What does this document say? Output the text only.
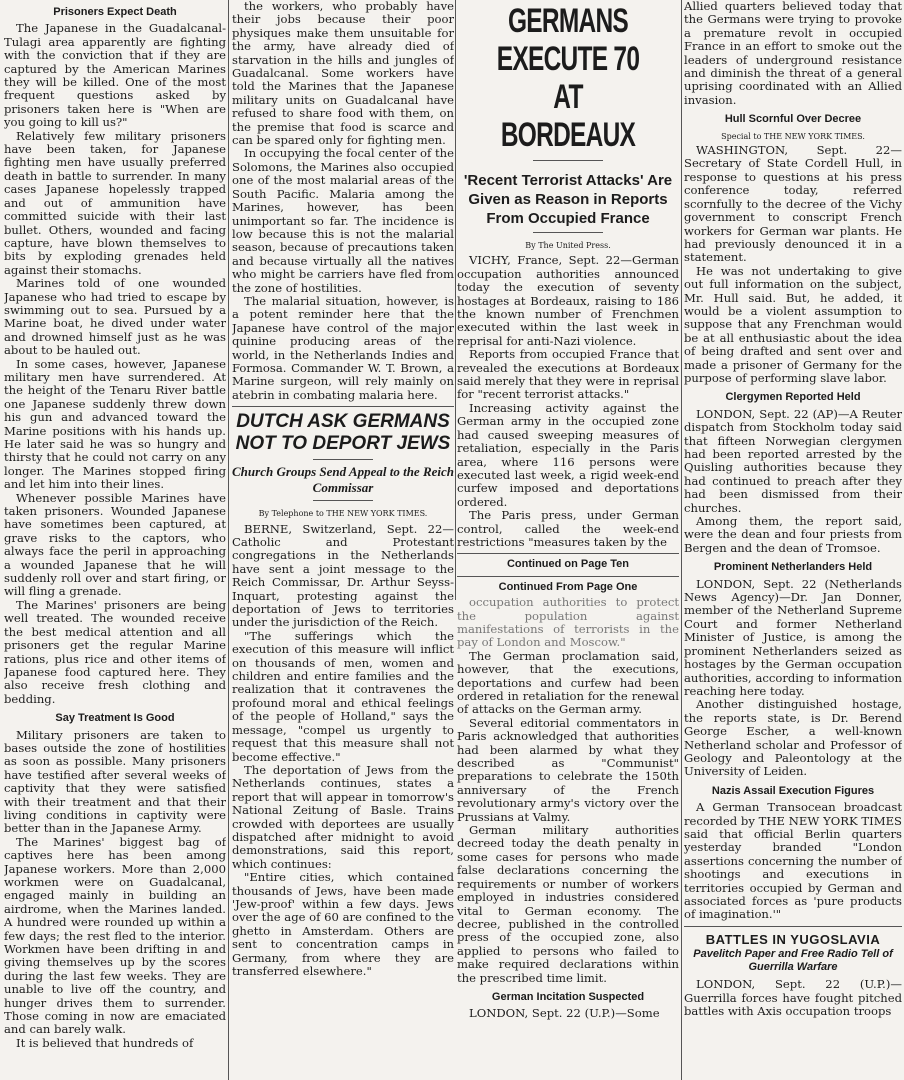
Prisoners Expect Death

The Japanese in the Guadalcanal-Tulagi area apparently are fighting with the conviction that if they are captured by the American Marines they will be killed. One of the most frequent questions asked by prisoners taken here is "When are you going to kill us?"

Relatively few military prisoners have been taken, for Japanese fighting men have usually preferred death in battle to surrender. In many cases Japanese hopelessly trapped and out of ammunition have committed suicide with their last bullet. Others, wounded and facing capture, have blown themselves to bits by exploding grenades held against their stomachs.

Marines told of one wounded Japanese who had tried to escape by swimming out to sea. Pursued by a Marine boat, he dived under water and drowned himself just as he was about to be hauled out.

In some cases, however, Japanese military men have surrendered. At the height of the Tenaru River battle one Japanese suddenly threw down his gun and advanced toward the Marine positions with his hands up. He later said he was so hungry and thirsty that he could not carry on any longer. The Marines stopped firing and let him into their lines.

Whenever possible Marines have taken prisoners. Wounded Japanese have sometimes been captured, at grave risks to the captors, who always face the peril in approaching a wounded Japanese that he will suddenly roll over and start firing, or will fling a grenade.

The Marines' prisoners are being well treated. The wounded receive the best medical attention and all prisoners get the regular Marine rations, plus rice and other items of Japanese food captured here. They also receive fresh clothing and bedding.

Say Treatment Is Good

Military prisoners are taken to bases outside the zone of hostilities as soon as possible. Many prisoners have testified after several weeks of captivity that they were satisfied with their treatment and that their living conditions in captivity were better than in the Japanese Army.

The Marines' biggest bag of captives here has been among Japanese workers. More than 2,000 workmen were on Guadalcanal, engaged mainly in building an airdrome, when the Marines landed. A hundred were rounded up within a few days; the rest fled to the interior. Workmen have been drifting in and giving themselves up by the scores during the last few weeks. They are unable to live off the country, and hunger drives them to surrender. Those coming in now are emaciated and can barely walk.

It is believed that hundreds of

the workers, who probably have their jobs because their poor physiques make them unsuitable for the army, have already died of starvation in the hills and jungles of Guadalcanal. Some workers have told the Marines that the Japanese military units on Guadalcanal have refused to share food with them, on the premise that food is scarce and can be spared only for fighting men.

In occupying the focal center of the Solomons, the Marines also occupied one of the most malarial areas of the South Pacific. Malaria among the Marines, however, has been unimportant so far. The incidence is low because this is not the malarial season, because of precautions taken and because virtually all the natives who might be carriers have fled from the zone of hostilities.

The malarial situation, however, is a potent reminder here that the Japanese have control of the major quinine producing areas of the world, in the Netherlands Indies and Formosa. Commander W. T. Brown, a Marine surgeon, will rely mainly on atebrin in combating malaria here.

DUTCH ASK GERMANS NOT TO DEPORT JEWS
Church Groups Send Appeal to the Reich Commissar
By Telephone to THE NEW YORK TIMES.

BERNE, Switzerland, Sept. 22—Catholic and Protestant congregations in the Netherlands have sent a joint message to the Reich Commissar, Dr. Arthur Seyss-Inquart, protesting against the deportation of Jews to territories under the jurisdiction of the Reich.

"The sufferings which the execution of this measure will inflict on thousands of men, women and children and entire families and the realization that it contravenes the profound moral and ethical feelings of the people of Holland," says the message, "compel us urgently to request that this measure shall not become effective."

The deportation of Jews from the Netherlands continues, states a report that will appear in tomorrow's National Zeitung of Basle. Trains crowded with deportees are usually dispatched after midnight to avoid demonstrations, said this report, which continues:

"Entire cities, which contained thousands of Jews, have been made 'Jew-proof' within a few days. Jews over the age of 60 are confined to the ghetto in Amsterdam. Others are sent to concentration camps in Germany, from where they are transferred elsewhere."

GERMANS EXECUTE 70 AT BORDEAUX
'Recent Terrorist Attacks' Are Given as Reason in Reports From Occupied France
By The United Press.

VICHY, France, Sept. 22—German occupation authorities announced today the execution of seventy hostages at Bordeaux, raising to 186 the known number of Frenchmen executed within the last week in reprisal for anti-Nazi violence.

Reports from occupied France that revealed the executions at Bordeaux said merely that they were in reprisal for "recent terrorist attacks."

Increasing activity against the German army in the occupied zone had caused sweeping measures of retaliation, especially in the Paris area, where 116 persons were executed last week, a rigid week-end curfew imposed and deportations ordered.

The Paris press, under German control, called the week-end restrictions "measures taken by the

Continued on Page Ten
Continued From Page One

occupation authorities to protect the population against manifestations of terrorists in the pay of London and Moscow."

The German proclamation said, however, that the executions, deportations and curfew had been ordered in retaliation for the renewal of attacks on the German army.

Several editorial commentators in Paris acknowledged that authorities had been alarmed by what they described as "Communist" preparations to celebrate the 150th anniversary of the French revolutionary army's victory over the Prussians at Valmy.

German military authorities decreed today the death penalty in some cases for persons who made false declarations concerning the requirements or number of workers employed in industries considered vital to German economy. The decree, published in the controlled press of the occupied zone, also applied to persons who failed to make required declarations within the prescribed time limit.

German Incitation Suspected

LONDON, Sept. 22 (U.P.)—Some

Allied quarters believed today that the Germans were trying to provoke a premature revolt in occupied France in an effort to smoke out the leaders of underground resistance and diminish the threat of a general uprising coordinated with an Allied invasion.

Hull Scornful Over Decree
Special to THE NEW YORK TIMES.

WASHINGTON, Sept. 22—Secretary of State Cordell Hull, in response to questions at his press conference today, referred scornfully to the decree of the Vichy government to conscript French workers for German war plants. He had previously denounced it in a statement.

He was not undertaking to give out full information on the subject, Mr. Hull said. But, he added, it would be a violent assumption to suppose that any Frenchman would be at all enthusiastic about the idea of being drafted and sent over and made a prisoner of Germany for the purpose of performing slave labor.

Clergymen Reported Held

LONDON, Sept. 22 (AP)—A Reuter dispatch from Stockholm today said that fifteen Norwegian clergymen had been reported arrested by the Quisling authorities because they had continued to preach after they had been dismissed from their churches.

Among them, the report said, were the dean and four priests from Bergen and the dean of Tromsoe.

Prominent Netherlanders Held

LONDON, Sept. 22 (Netherlands News Agency)—Dr. Jan Donner, member of the Netherland Supreme Court and former Netherland Minister of Justice, is among the prominent Netherlanders seized as hostages by the German occupation authorities, according to information reaching here today.

Another distinguished hostage, the reports state, is Dr. Berend George Escher, a well-known Netherland scholar and Professor of Geology and Paleontology at the University of Leiden.

Nazis Assail Execution Figures

A German Transocean broadcast recorded by THE NEW YORK TIMES said that official Berlin quarters yesterday branded "London assertions concerning the number of shootings and executions in territories occupied by German and associated forces as 'pure products of imagination.'"

BATTLES IN YUGOSLAVIA
Pavelitch Paper and Free Radio Tell of Guerrilla Warfare

LONDON, Sept. 22 (U.P.)—Guerrilla forces have fought pitched battles with Axis occupation troops
